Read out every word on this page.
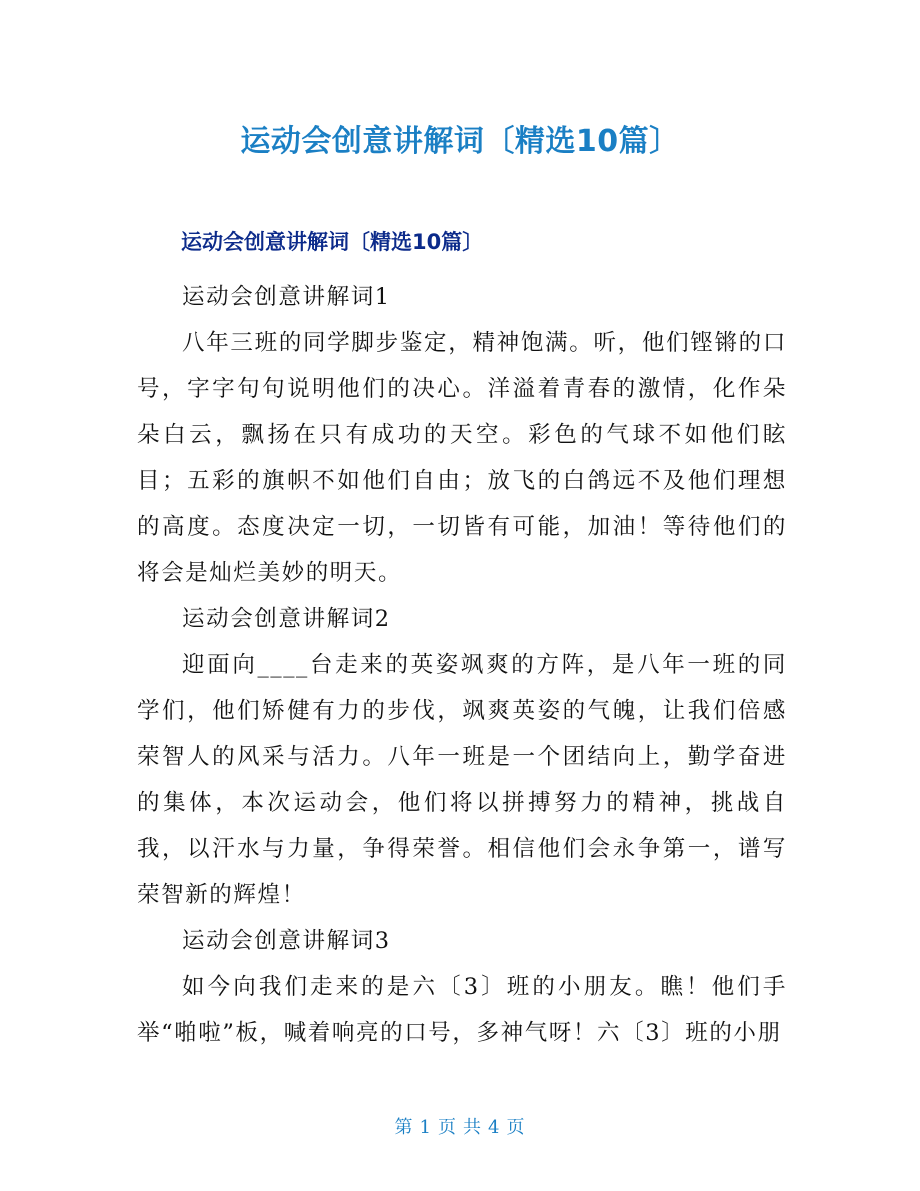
运动会创意讲解词〔精选10篇〕
运动会创意讲解词〔精选10篇〕
运动会创意讲解词1
八年三班的同学脚步鉴定，精神饱满。听，他们铿锵的口号，字字句句说明他们的决心。洋溢着青春的激情，化作朵朵白云，飘扬在只有成功的天空。彩色的气球不如他们眩目；五彩的旗帜不如他们自由；放飞的白鸽远不及他们理想的高度。态度决定一切，一切皆有可能，加油！等待他们的将会是灿烂美妙的明天。
运动会创意讲解词2
迎面向____台走来的英姿飒爽的方阵，是八年一班的同学们，他们矫健有力的步伐，飒爽英姿的气魄，让我们倍感荣智人的风采与活力。八年一班是一个团结向上，勤学奋进的集体，本次运动会，他们将以拼搏努力的精神，挑战自我，以汗水与力量，争得荣誉。相信他们会永争第一，谱写荣智新的辉煌！
运动会创意讲解词3
如今向我们走来的是六〔3〕班的小朋友。瞧！他们手举“啪啦”板，喊着响亮的口号，多神气呀！六〔3〕班的小朋
第 1 页 共 4 页
